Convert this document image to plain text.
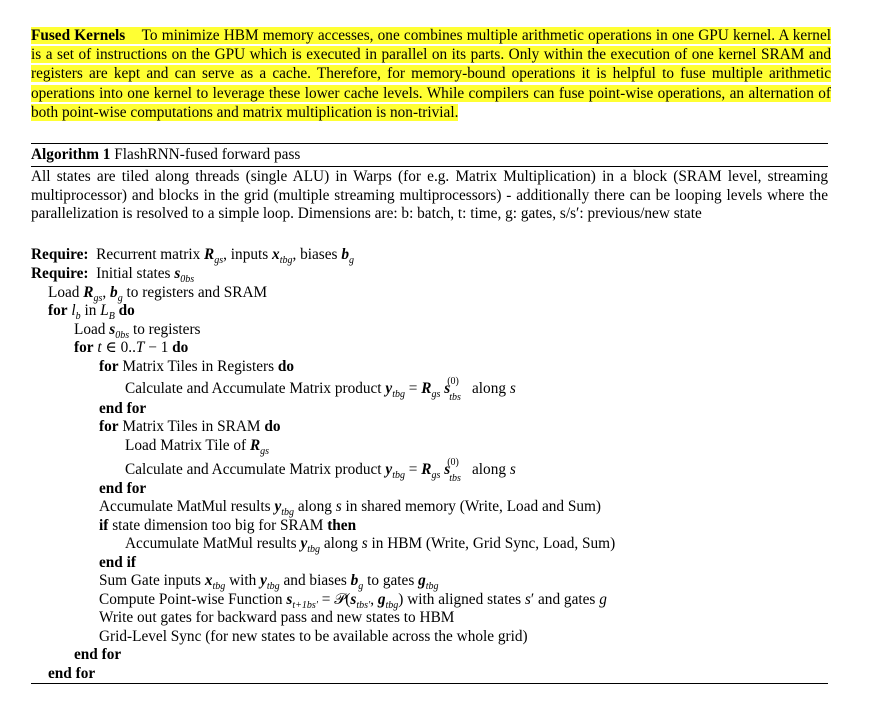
Fused Kernels To minimize HBM memory accesses, one combines multiple arithmetic operations in one GPU kernel. A kernel is a set of instructions on the GPU which is executed in parallel on its parts. Only within the execution of one kernel SRAM and registers are kept and can serve as a cache. Therefore, for memory-bound operations it is helpful to fuse multiple arithmetic operations into one kernel to leverage these lower cache levels. While compilers can fuse point-wise operations, an alternation of both point-wise computations and matrix multiplication is non-trivial.
Algorithm 1 FlashRNN-fused forward pass
All states are tiled along threads (single ALU) in Warps (for e.g. Matrix Multiplication) in a block (SRAM level, streaming multiprocessor) and blocks in the grid (multiple streaming multiprocessors) - additionally there can be looping levels where the parallelization is resolved to a simple loop. Dimensions are: b: batch, t: time, g: gates, s/s′: previous/new state
Require: Recurrent matrix $R_{gs}$, inputs $x_{tbg}$, biases $b_g$
Require: Initial states $s_{0bs}$
Load $R_{gs}$, $b_g$ to registers and SRAM
for $l_b$ in $L_B$ do
Load $s_{0bs}$ to registers
for t ∈ 0..T − 1 do
for Matrix Tiles in Registers do
Calculate and Accumulate Matrix product $y_{tbg} = R_{gs}$ s
(0)
tbs
along s
end for
for Matrix Tiles in SRAM do
Load Matrix Tile of $R_{gs}$
Calculate and Accumulate Matrix product $y_{tbg} = R_{gs}$ s
(0)
tbs
along s
end for
Accumulate MatMul results $y_{tbg}$ along s in shared memory (Write, Load and Sum)
if state dimension too big for SRAM then
Accumulate MatMul results $y_{tbg}$ along s in HBM (Write, Grid Sync, Load, Sum)
end if
Sum Gate inputs $x_{tbg}$ with $y_{tbg}$ and biases $b_g$ to gates $g_{tbg}$
Compute Point-wise Function $s_{t+1bs'}$ = $𝒫(s_{tbs'}$, $g_{tbg}$) with aligned states s′ and gates g
Write out gates for backward pass and new states to HBM
Grid-Level Sync (for new states to be available across the whole grid)
end for
end for
